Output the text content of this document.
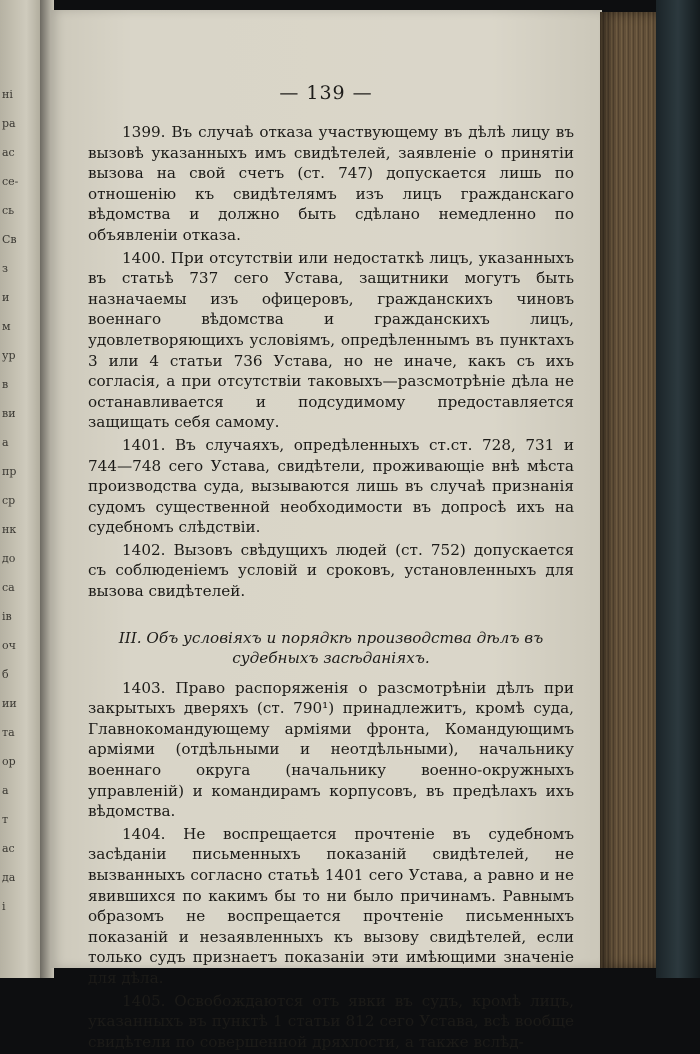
ні
ра
ас
се-
сь
Св
з
и
м
ур
в
ви
а
пр
ср
нк
до
са
ів
оч
б
ии
та
ор
а
т
ас
да
і
— 139 —

1399. Въ случаѣ отказа участвующему въ дѣлѣ лицу въ вызовѣ указанныхъ имъ свидѣтелей, заявленіе о принятіи вызова на свой счетъ (ст. 747) допускается лишь по отношенію къ свидѣтелямъ изъ лицъ гражданскаго вѣдомства и должно быть сдѣлано немедленно по объявленіи отказа.

1400. При отсутствіи или недостаткѣ лицъ, указанныхъ въ статьѣ 737 сего Устава, защитники могутъ быть назначаемы изъ офицеровъ, гражданскихъ чиновъ военнаго вѣдомства и гражданскихъ лицъ, удовлетворяющихъ условіямъ, опредѣленнымъ въ пунктахъ 3 или 4 статьи 736 Устава, но не иначе, какъ съ ихъ согласія, а при отсутствіи таковыхъ—разсмотрѣніе дѣла не останавливается и подсудимому предоставляется защищать себя самому.

1401. Въ случаяхъ, опредѣленныхъ ст.ст. 728, 731 и 744—748 сего Устава, свидѣтели, проживающіе внѣ мѣста производства суда, вызываются лишь въ случаѣ признанія судомъ существенной необходимости въ допросѣ ихъ на судебномъ слѣдствіи.

1402. Вызовъ свѣдущихъ людей (ст. 752) допускается съ соблюденіемъ условій и сроковъ, установленныхъ для вызова свидѣтелей.

III. Объ условіяхъ и порядкѣ производства дѣлъ въ судебныхъ засѣданіяхъ.

1403. Право распоряженія о разсмотрѣніи дѣлъ при закрытыхъ дверяхъ (ст. 790¹) принадлежитъ, кромѣ суда, Главнокомандующему арміями фронта, Командующимъ арміями (отдѣльными и неотдѣльными), начальнику военнаго округа (начальнику военно-окружныхъ управленій) и командирамъ корпусовъ, въ предѣлахъ ихъ вѣдомства.

1404. Не воспрещается прочтеніе въ судебномъ засѣданіи письменныхъ показаній свидѣтелей, не вызванныхъ согласно статьѣ 1401 сего Устава, а равно и не явившихся по какимъ бы то ни было причинамъ. Равнымъ образомъ не воспрещается прочтеніе письменныхъ показаній и незаявленныхъ къ вызову свидѣтелей, если только судъ признаетъ показаніи эти имѣющими значеніе для дѣла.

1405. Освобождаются отъ явки въ судъ, кромѣ лицъ, указанныхъ въ пунктѣ 1 статьи 812 сего Устава, всѣ вообще свидѣтели по совершенной дряхлости, а также вслѣд-
